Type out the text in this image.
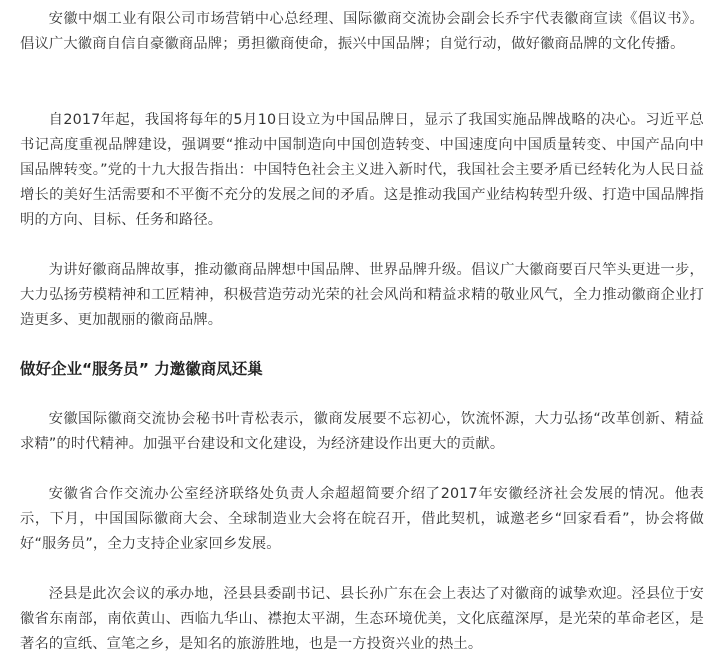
安徽中烟工业有限公司市场营销中心总经理、国际徽商交流协会副会长乔宇代表徽商宣读《倡议书》。倡议广大徽商自信自豪徽商品牌；勇担徽商使命，振兴中国品牌；自觉行动，做好徽商品牌的文化传播。

自2017年起，我国将每年的5月10日设立为中国品牌日，显示了我国实施品牌战略的决心。习近平总书记高度重视品牌建设，强调要“推动中国制造向中国创造转变、中国速度向中国质量转变、中国产品向中国品牌转变。”党的十九大报告指出：中国特色社会主义进入新时代，我国社会主要矛盾已经转化为人民日益增长的美好生活需要和不平衡不充分的发展之间的矛盾。这是推动我国产业结构转型升级、打造中国品牌指明的方向、目标、任务和路径。

为讲好徽商品牌故事，推动徽商品牌想中国品牌、世界品牌升级。倡议广大徽商要百尺竿头更进一步，大力弘扬劳模精神和工匠精神，积极营造劳动光荣的社会风尚和精益求精的敬业风气，全力推动徽商企业打造更多、更加靓丽的徽商品牌。

做好企业“服务员” 力邀徽商凤还巢

安徽国际徽商交流协会秘书叶青松表示，徽商发展要不忘初心，饮流怀源，大力弘扬“改革创新、精益求精”的时代精神。加强平台建设和文化建设，为经济建设作出更大的贡献。

安徽省合作交流办公室经济联络处负责人余超超简要介绍了2017年安徽经济社会发展的情况。他表示，下月，中国国际徽商大会、全球制造业大会将在皖召开，借此契机，诚邀老乡“回家看看”，协会将做好“服务员”，全力支持企业家回乡发展。

泾县是此次会议的承办地，泾县县委副书记、县长孙广东在会上表达了对徽商的诚挚欢迎。泾县位于安徽省东南部，南依黄山、西临九华山、襟抱太平湖，生态环境优美，文化底蕴深厚，是光荣的革命老区，是著名的宣纸、宣笔之乡，是知名的旅游胜地，也是一方投资兴业的热土。
